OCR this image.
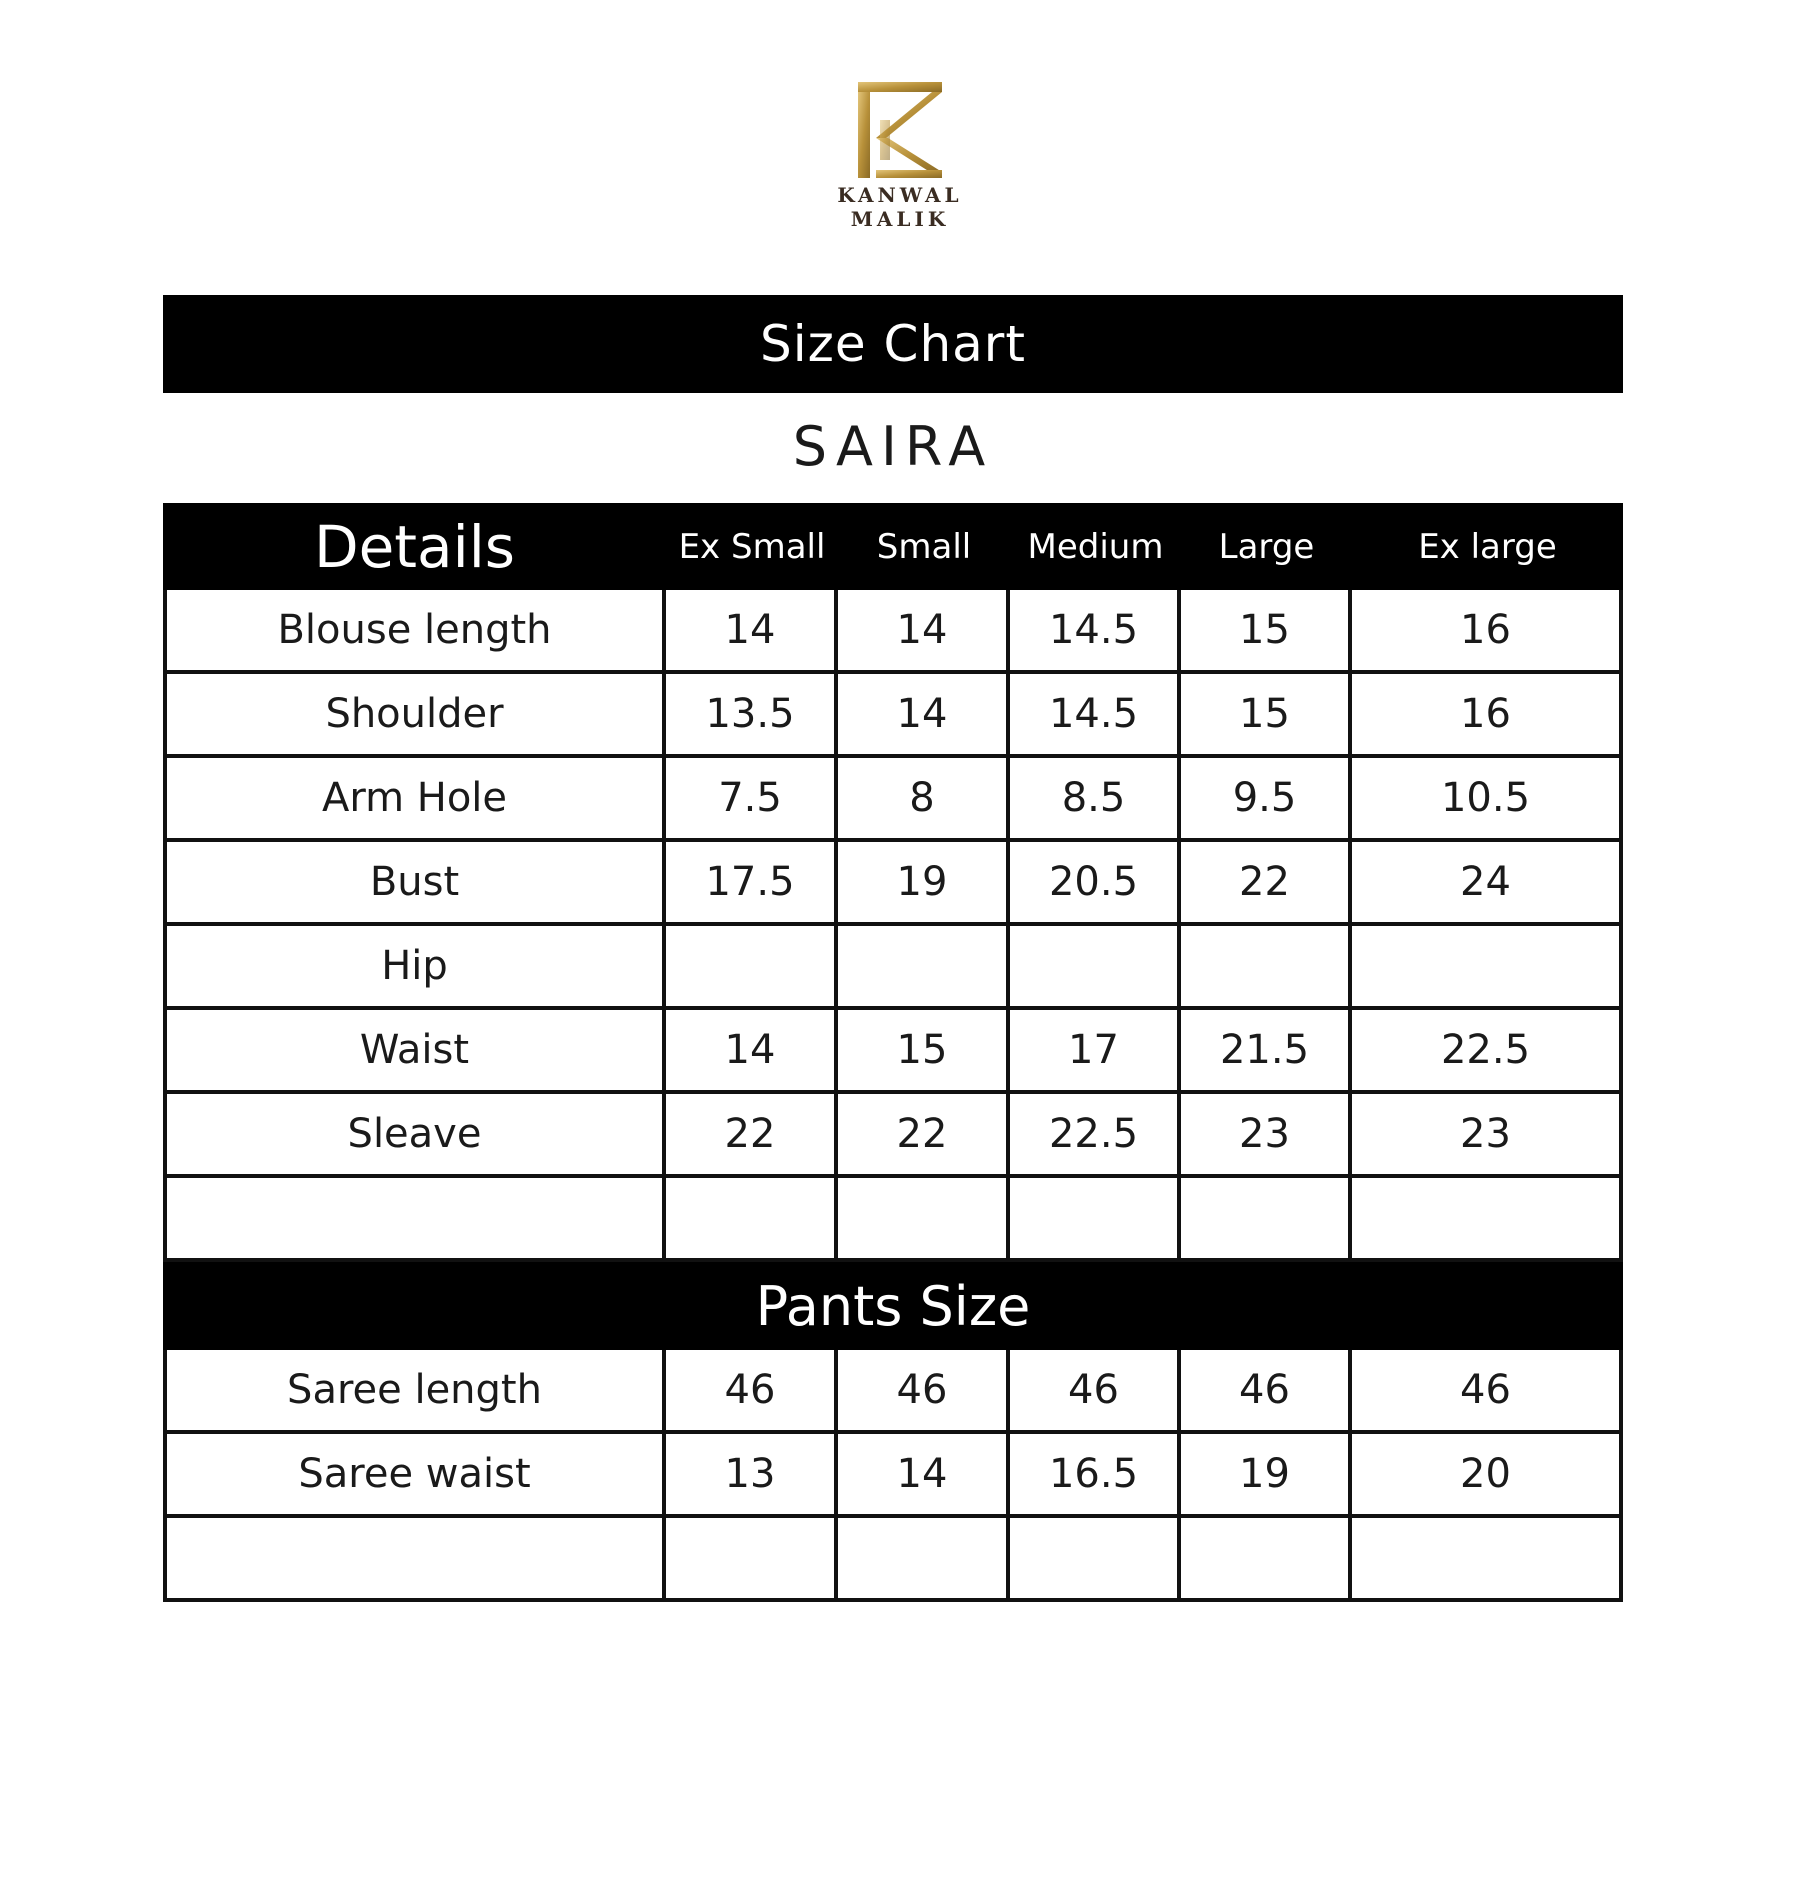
KANWAL MALIK
Size Chart
SAIRA
Details	Ex Small	Small	Medium	Large	Ex large
Blouse length	14	14	14.5	15	16
Shoulder	13.5	14	14.5	15	16
Arm Hole	7.5	8	8.5	9.5	10.5
Bust	17.5	19	20.5	22	24
Hip
Waist	14	15	17	21.5	22.5
Sleave	22	22	22.5	23	23
Pants Size
Saree length	46	46	46	46	46
Saree waist	13	14	16.5	19	20
